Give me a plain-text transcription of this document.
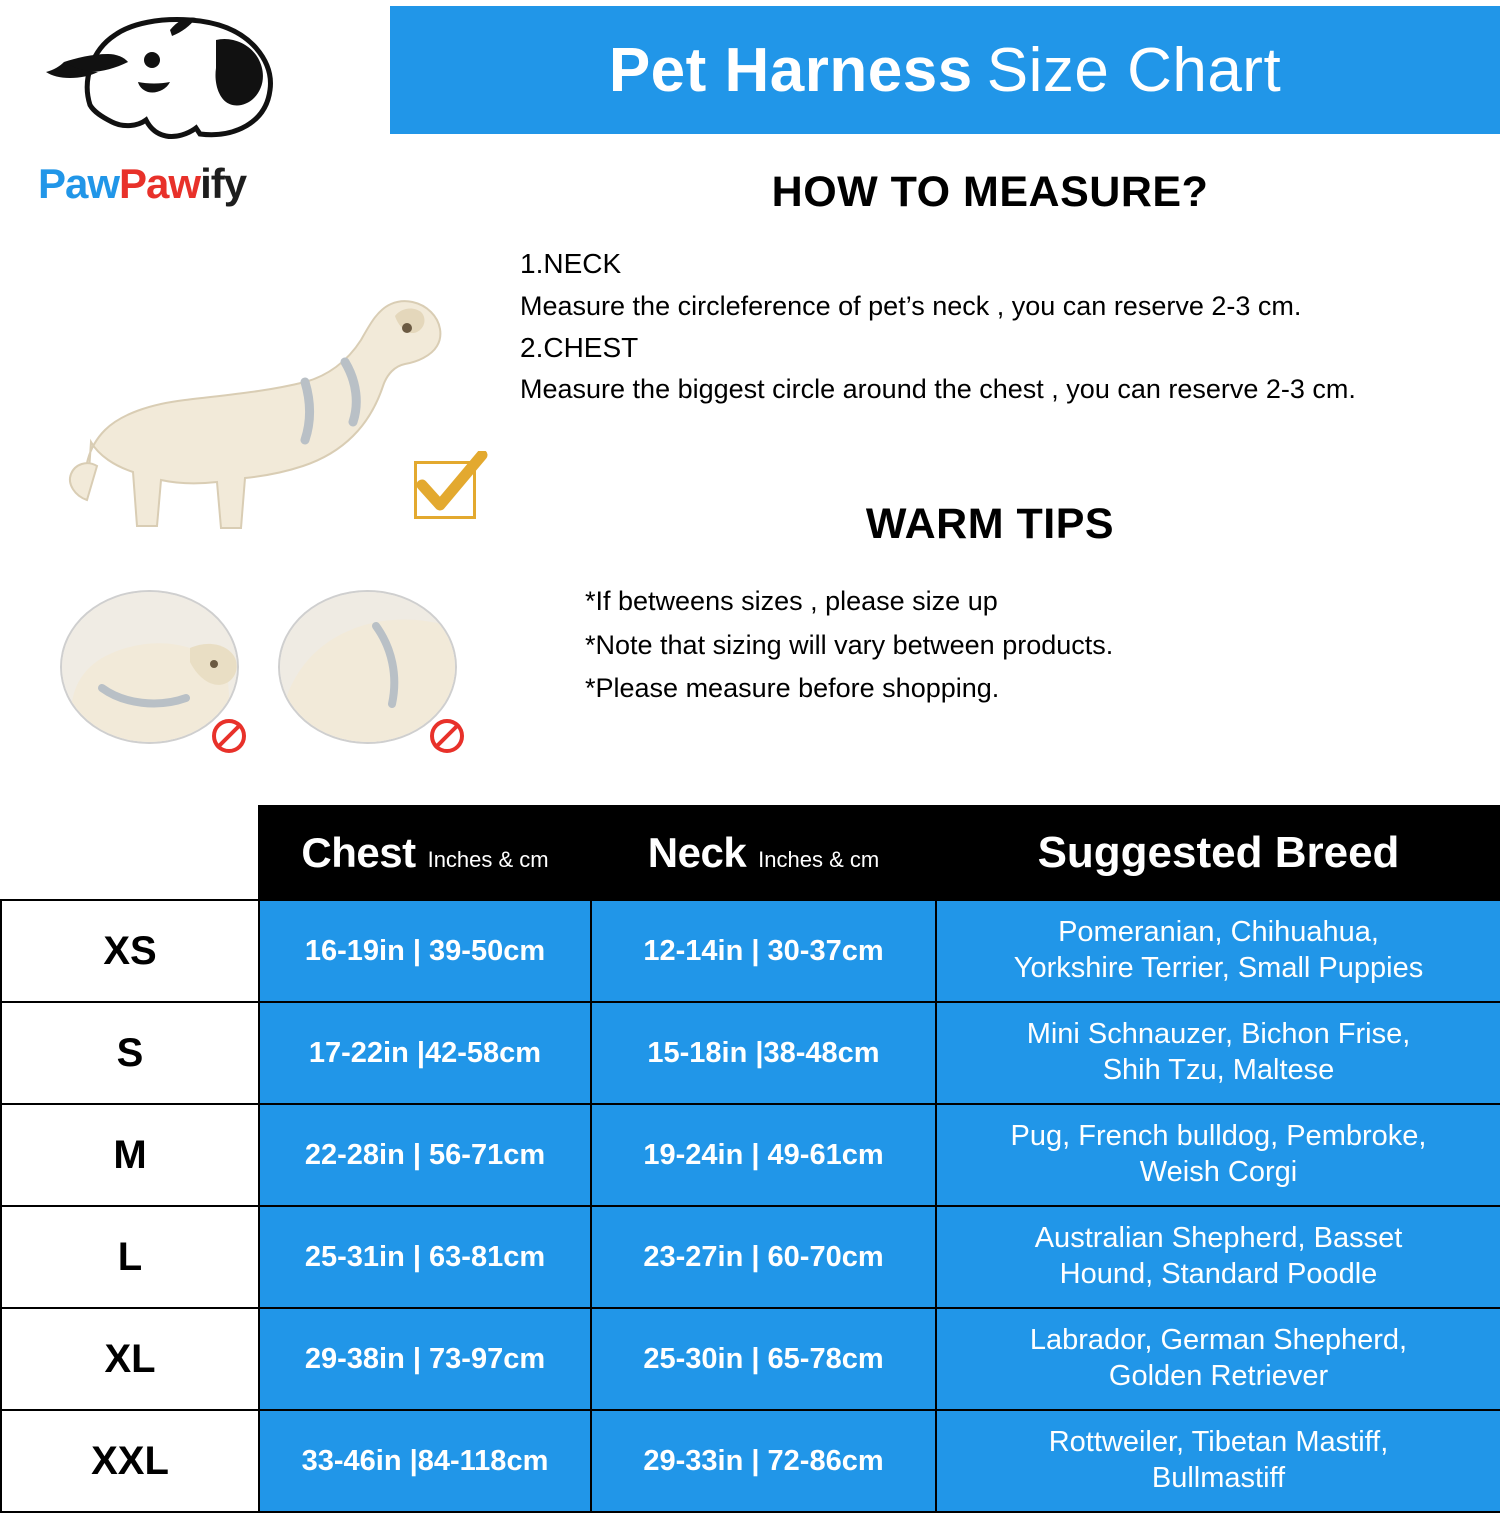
Pet Harness Size Chart
PawPawify	HOW TO MEASURE?
1.NECK
Measure the circleference of pet’s neck , you can reserve 2-3 cm.
2.CHEST
Measure the biggest circle around the chest , you can reserve 2-3 cm.
WARM TIPS
*If betweens sizes , please size up
*Note that sizing will vary between products.
*Please measure before shopping.

	Chest Inches & cm	Neck Inches & cm	Suggested Breed
XS	16-19in | 39-50cm	12-14in | 30-37cm	Pomeranian, Chihuahua,
Yorkshire Terrier, Small Puppies
S	17-22in |42-58cm	15-18in |38-48cm	Mini Schnauzer, Bichon Frise,
Shih Tzu, Maltese
M	22-28in | 56-71cm	19-24in | 49-61cm	Pug, French bulldog, Pembroke,
Weish Corgi
L	25-31in | 63-81cm	23-27in | 60-70cm	Australian Shepherd, Basset
Hound, Standard Poodle
XL	29-38in | 73-97cm	25-30in | 65-78cm	Labrador, German Shepherd,
Golden Retriever
XXL	33-46in |84-118cm	29-33in | 72-86cm	Rottweiler, Tibetan Mastiff,
Bullmastiff
